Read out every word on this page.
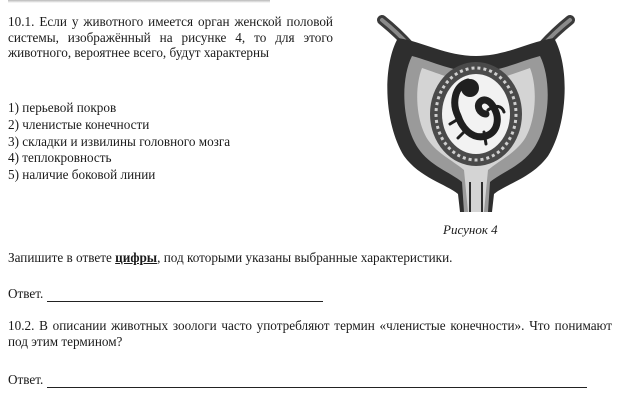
10.1. Если у животного имеется орган женской половой системы, изображённый на рисунке 4, то для этого животного, вероятнее всего, будут характерны
1) перьевой покров
2) членистые конечности
3) складки и извилины головного мозга
4) теплокровность
5) наличие боковой линии
Рисунок 4
Запишите в ответе цифры, под которыми указаны выбранные характеристики.
Ответ.
10.2. В описании животных зоологи часто употребляют термин «членистые конечности». Что понимают под этим термином?
Ответ.
